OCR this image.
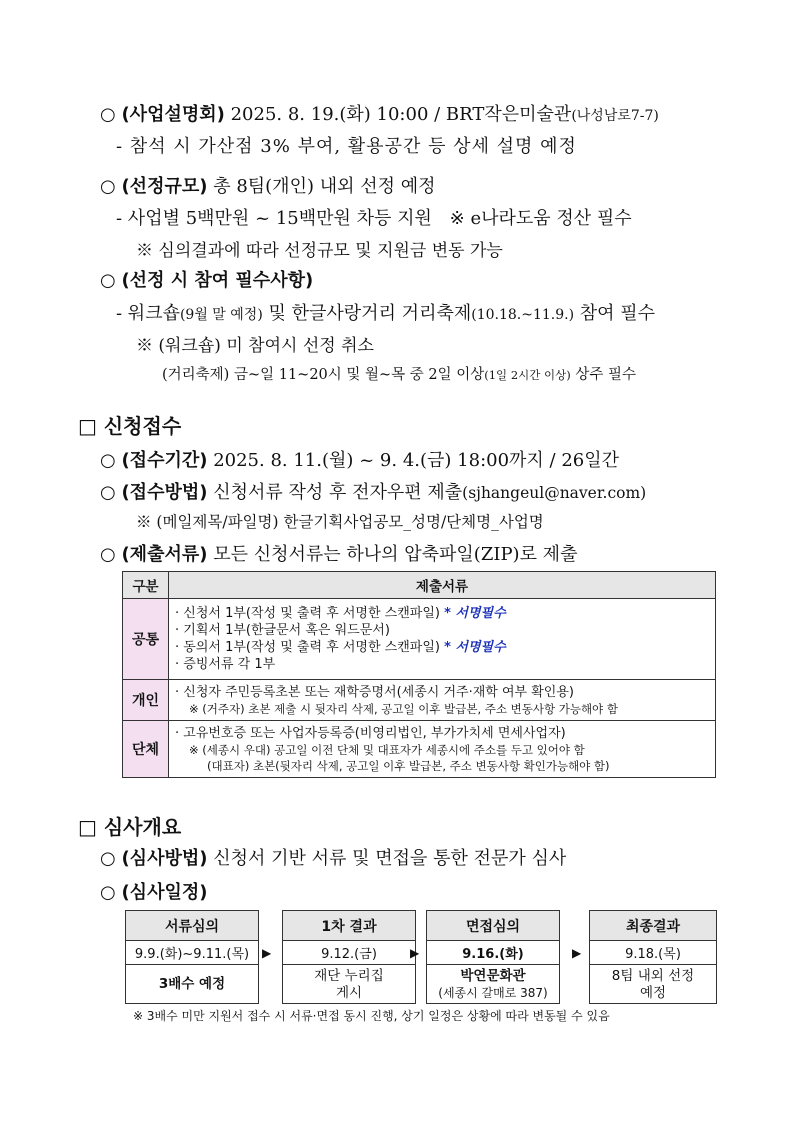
○ (사업설명회) 2025. 8. 19.(화) 10:00 / BRT작은미술관(나성남로7-7)
- 참석 시 가산점 3% 부여, 활용공간 등 상세 설명 예정
○ (선정규모) 총 8팀(개인) 내외 선정 예정
- 사업별 5백만원 ~ 15백만원 차등 지원 ※ e나라도움 정산 필수
※ 심의결과에 따라 선정규모 및 지원금 변동 가능
○ (선정 시 참여 필수사항)
- 워크숍(9월 말 예정) 및 한글사랑거리 거리축제(10.18.~11.9.) 참여 필수
※ (워크숍) 미 참여시 선정 취소
(거리축제) 금~일 11~20시 및 월~목 중 2일 이상(1일 2시간 이상) 상주 필수
□ 신청접수
○ (접수기간) 2025. 8. 11.(월) ~ 9. 4.(금) 18:00까지 / 26일간
○ (접수방법) 신청서류 작성 후 전자우편 제출(sjhangeul@naver.com)
※ (메일제목/파일명) 한글기획사업공모_성명/단체명_사업명
○ (제출서류) 모든 신청서류는 하나의 압축파일(ZIP)로 제출
구분	제출서류
공통	· 신청서 1부(작성 및 출력 후 서명한 스캔파일) * 서명필수
· 기획서 1부(한글문서 혹은 워드문서)
· 동의서 1부(작성 및 출력 후 서명한 스캔파일) * 서명필수
· 증빙서류 각 1부

개인	· 신청자 주민등록초본 또는 재학증명서(세종시 거주·재학 여부 확인용)
※ (거주자) 초본 제출 시 뒷자리 삭제, 공고일 이후 발급본, 주소 변동사항 가능해야 함

단체	· 고유번호증 또는 사업자등록증(비영리법인, 부가가치세 면세사업자)
※ (세종시 우대) 공고일 이전 단체 및 대표자가 세종시에 주소를 두고 있어야 함
(대표자) 초본(뒷자리 삭제, 공고일 이후 발급본, 주소 변동사항 확인가능해야 함)
□ 심사개요
○ (심사방법) 신청서 기반 서류 및 면접을 통한 전문가 심사
○ (심사일정)
서류심의
9.9.(화)~9.11.(목)
3배수 예정
▶
1차 결과
9.12.(금)
재단 누리집
게시
▶
면접심의
9.16.(화)
박연문화관
(세종시 갈매로 387)
▶
최종결과
9.18.(목)
8팀 내외 선정
예정
※ 3배수 미만 지원서 접수 시 서류·면접 동시 진행, 상기 일정은 상황에 따라 변동될 수 있음
